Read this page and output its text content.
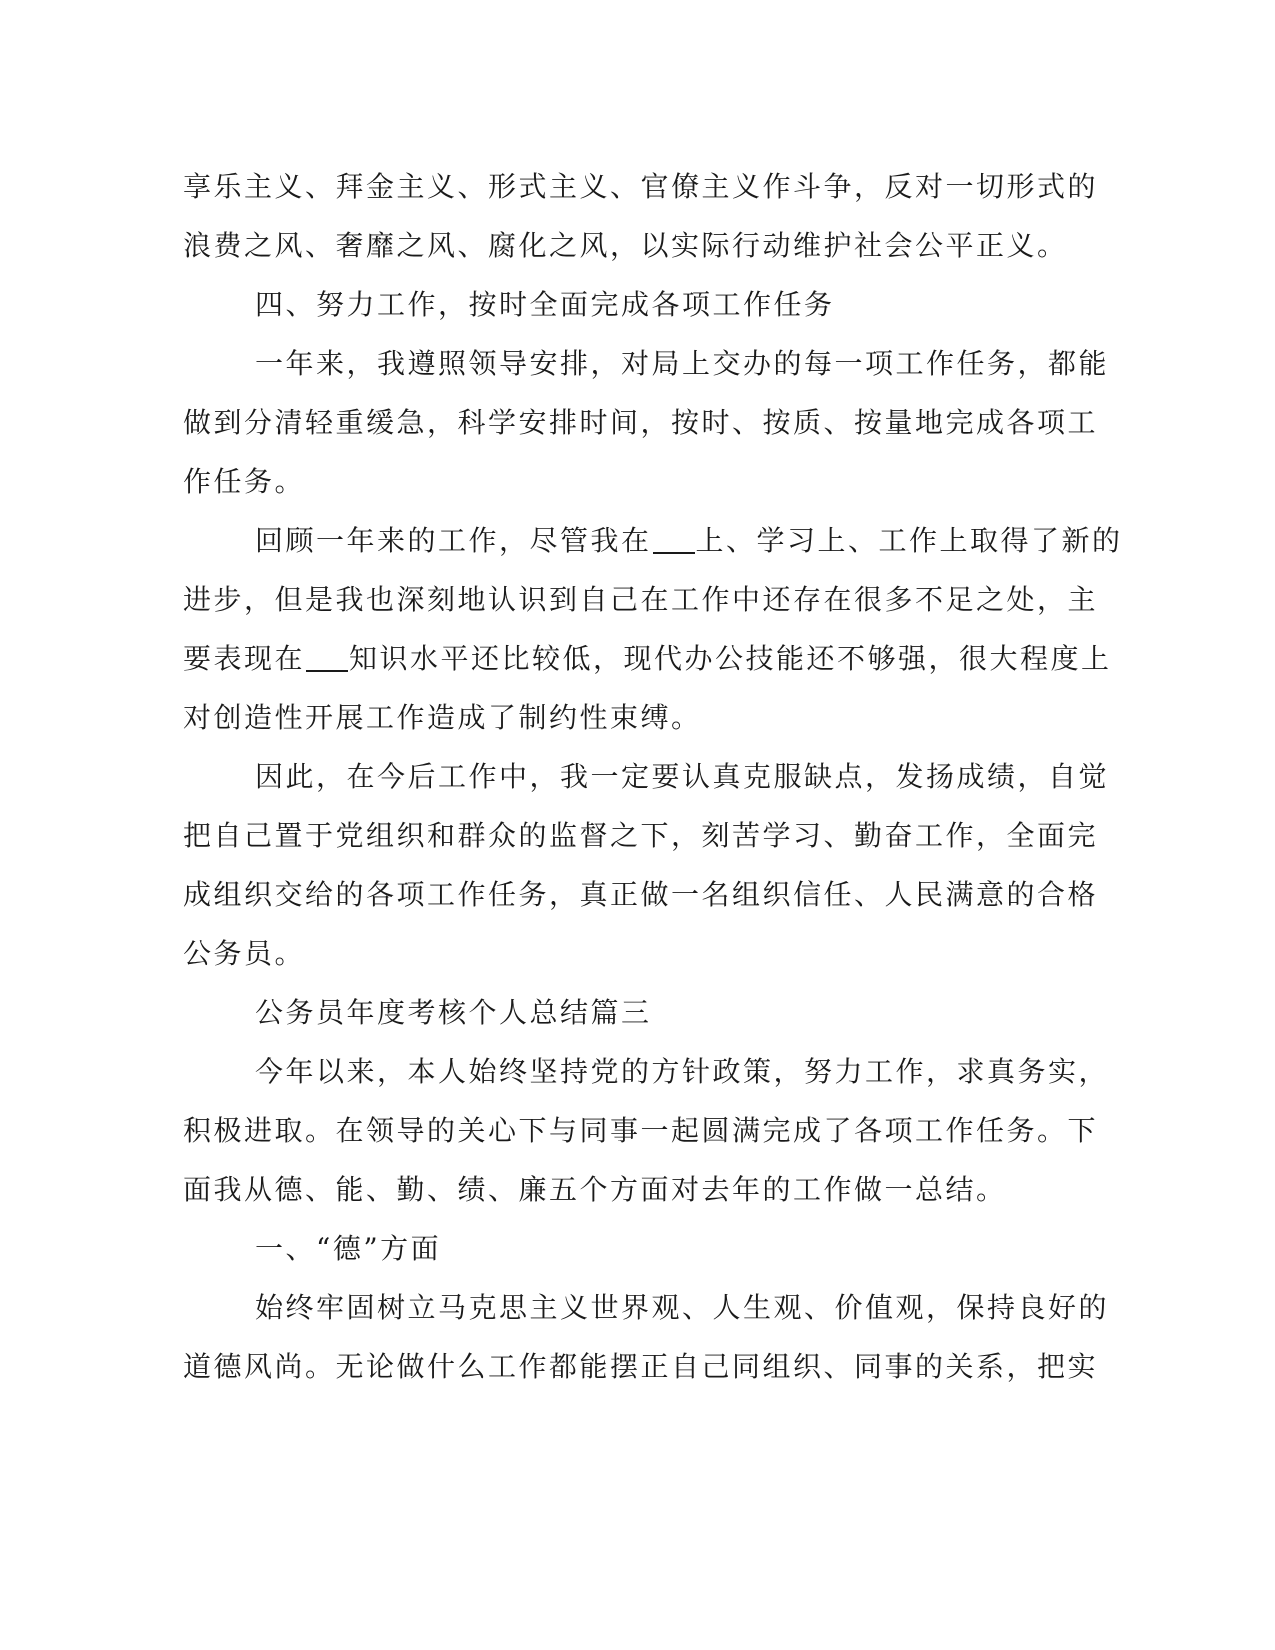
享乐主义、拜金主义、形式主义、官僚主义作斗争，反对一切形式的
浪费之风、奢靡之风、腐化之风，以实际行动维护社会公平正义。
四、努力工作，按时全面完成各项工作任务
一年来，我遵照领导安排，对局上交办的每一项工作任务，都能
做到分清轻重缓急，科学安排时间，按时、按质、按量地完成各项工
作任务。
回顾一年来的工作，尽管我在 上、学习上、工作上取得了新的
进步，但是我也深刻地认识到自己在工作中还存在很多不足之处，主
要表现在 知识水平还比较低，现代办公技能还不够强，很大程度上
对创造性开展工作造成了制约性束缚。
因此，在今后工作中，我一定要认真克服缺点，发扬成绩，自觉
把自己置于党组织和群众的监督之下，刻苦学习、勤奋工作，全面完
成组织交给的各项工作任务，真正做一名组织信任、人民满意的合格
公务员。
公务员年度考核个人总结篇三
今年以来，本人始终坚持党的方针政策，努力工作，求真务实，
积极进取。在领导的关心下与同事一起圆满完成了各项工作任务。下
面我从德、能、勤、绩、廉五个方面对去年的工作做一总结。
一、“德”方面
始终牢固树立马克思主义世界观、人生观、价值观，保持良好的
道德风尚。无论做什么工作都能摆正自己同组织、同事的关系，把实
